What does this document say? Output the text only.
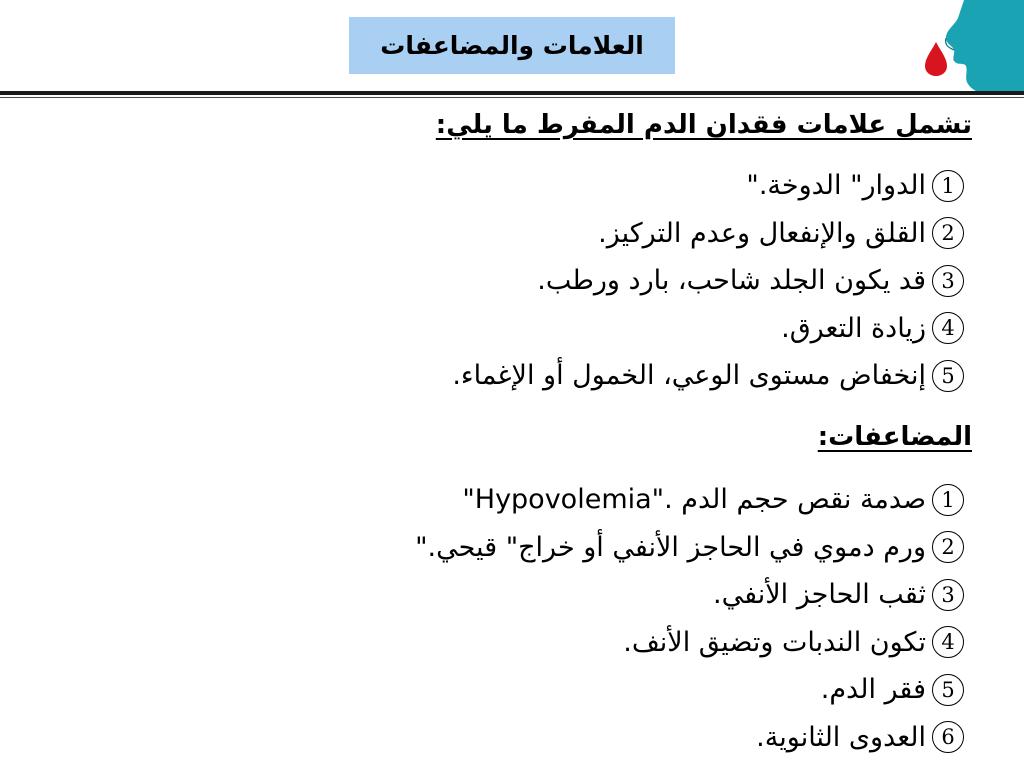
العلامات والمضاعفات
تشمل علامات فقدان الدم المفرط ما يلي:
1
الدوار" الدوخة."
2
القلق والإنفعال وعدم التركيز.
3
قد يكون الجلد شاحب، بارد ورطب.
4
زيادة التعرق.
5
إنخفاض مستوى الوعي، الخمول أو الإغماء.
المضاعفات:
1
صدمة نقص حجم الدم ."Hypovolemia"
2
ورم دموي في الحاجز الأنفي أو خراج" قيحي."
3
ثقب الحاجز الأنفي.
4
تكون الندبات وتضيق الأنف.
5
فقر الدم.
6
العدوى الثانوية.
